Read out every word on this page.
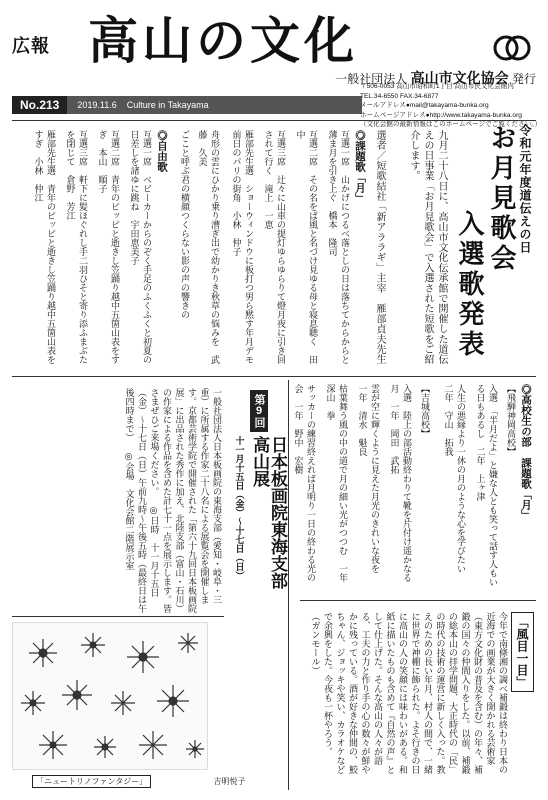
広報 高山の文化
一般社団法人 高山市文化協会 発行
No.213	2019.11.6 Culture in Takayama
〒506-0053 高山市昭和町1丁目 高山市民文化会館内
TEL.34-6550 FAX.34-6877
メールアドレス●mail@takayama-bunka.org
ホームページアドレス●http://www.takayama-bunka.org
（文化会館の最新情報はこのホームページでご覧ください。）
令和元年度道伝えの日
お月見歌会
入選歌発表
九月二十八日に、高山市文化伝承館で開催した道伝えの日事業「お月見歌会」で入選された短歌をご紹介します。
選者／短歌結社「新アララギ」主宰　雁部貞夫先生
◎課題歌「月」
互選一席　山かげにつるべ落としの日は落ちてからからと薄ま月を引き上ぐ　橋本　隆司
互選二席　その名をば風と名づけ見ゆる母と寝息聴く　田中
互選三席　辻々に山車の提灯ゆらゆらりて燈月夜に引き回されて行く　滝上　一恵
雁部先生選　ショーウィンドウに板打つ男ら黙す年月デモ前日のパリの街角　小林　仲子
舟形の雲にひかり乗り漕ぎ出で幼かりき秋草の悩みを　武藤　久美
ごこと呼ぶ君の横顔つくらない影の声の響きの　
◎自由歌
互選一席　ベビーカーからのぞく手足のふくふくと初夏の日差しを諸ゆに跳ね　宇田恵美子
互選二席　青年のピッピと逝きし笠踊り越中五箇山表をすぎ　本山　順子
互選三席　軒下に髪ほぐれし手二羽ひそと寄り添ふまぶたを閉じて　倉野　芳江
雁部先生選　青年のピッピと逝きし笠踊り越中五箇山表をすぎ　小林　仲江
◎高校生の部　課題歌「月」
【飛騨神岡高校】
入選　「半月だよ」と嫌な人とも笑って話す人もいる日もあるし　二年　上ヶ津
人生の悪縁より一休の月のような心を学びたい　二年　守山　拓我
【吉城高校】
入選　陸上の部活動終わりて靴を片付け遥かなる月　一年　岡田　武拓
雲が空に輝くように見えた月光のきれいな夜を　一年　清水　魁良
枯葉舞う風の中の道で月の細い光がつつむ　一年　深山　拳
サッカーの練習終えれば月明り一日の終わる光の会　一年　野中　宏樹
第9回
日本板画院東海支部 高山展
十一月十五日（金）〜十七日（日）
一般社団法人日本板画院の東海支部（愛知・岐阜・三重）に所属する作家二十八名による展覧会を開催します。京都芸術学院で開催された「第六十九回日本板画院展」に出品された秀作に加え、北陸支部（富山・石川）の作家による作品を含めた計七十一点を展示します。皆さまぜひご来場ください。 ◎日時　十一月十五日（金）〜十七日（日）午前九時〜午後五時（最終日は午後四時まで） ◎会場　文化会館二階展示室
「ニュートリノファンタジー」	吉明悦子
「風目一目」
今年で南條湘の調べ補鍛は終わり日本の近海での画業が大きく開かれる芸術家（東方文化財の普及を含む）の年々、補鍛の国々の仲間入りをした。以前、補鍛の総本山の拝学問題、大正時代の「民」の時代の技術の運営に新しく入った。教えのための長い年月、村人の間で、一緒に世界で神棚に飾られた。よそ行きの日に高山の人の笑顔には味わいがある。和紙に描いたものも含めて『自然の声』として仕上げた。そんな高山の人々が語る、工夫の力と作り手の心の数々が鮮やかに残っている。酒が好きな仲間の、鮫ちゃん、ジョッキや笑い、カラオケなどで余興をした。今夜も一杯やろう。 （ガンモール）
